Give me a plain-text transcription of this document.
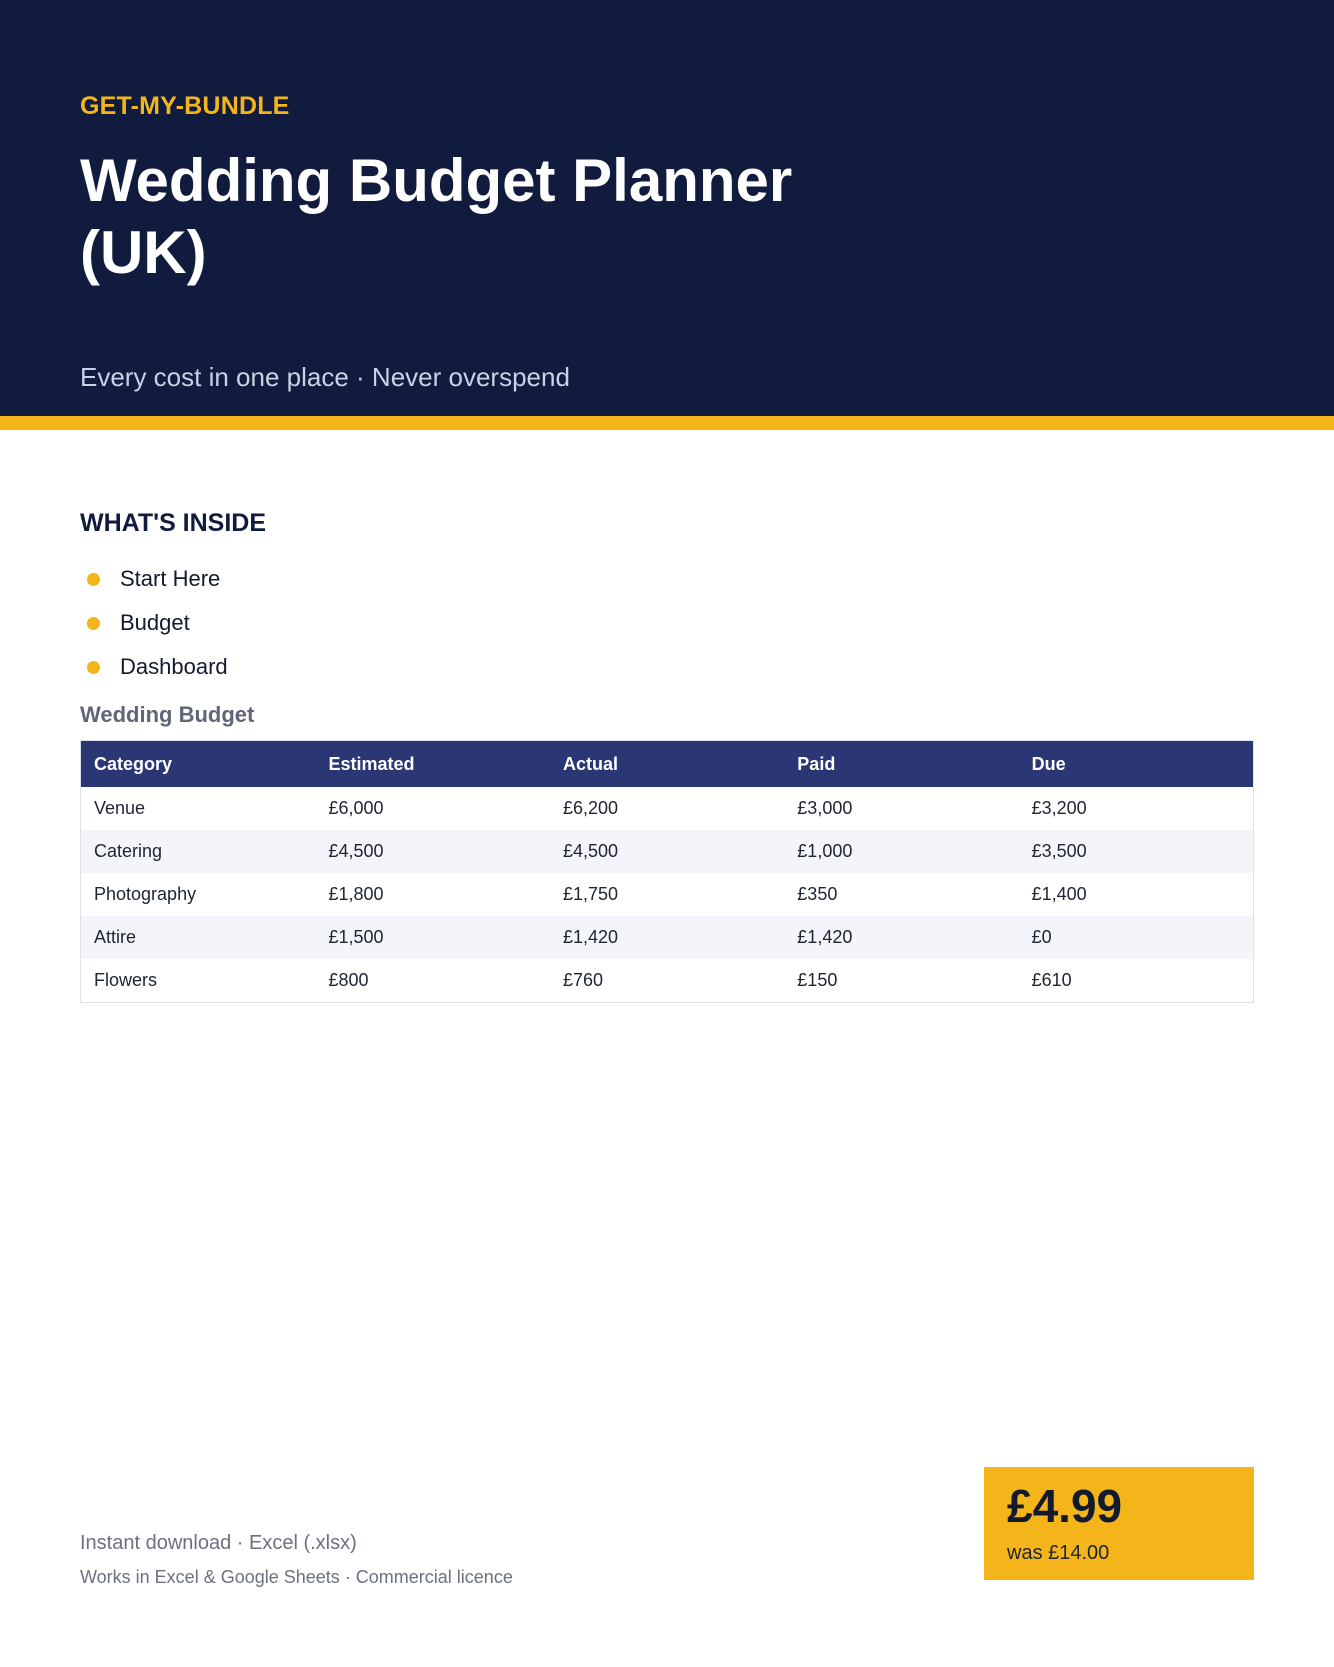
GET-MY-BUNDLE
Wedding Budget Planner (UK)
Every cost in one place · Never overspend
WHAT'S INSIDE
Start Here
Budget
Dashboard
Wedding Budget
Category	Estimated	Actual	Paid	Due
Venue	£6,000	£6,200	£3,000	£3,200
Catering	£4,500	£4,500	£1,000	£3,500
Photography	£1,800	£1,750	£350	£1,400
Attire	£1,500	£1,420	£1,420	£0
Flowers	£800	£760	£150	£610
Instant download · Excel (.xlsx)
Works in Excel & Google Sheets · Commercial licence
£4.99
was £14.00
